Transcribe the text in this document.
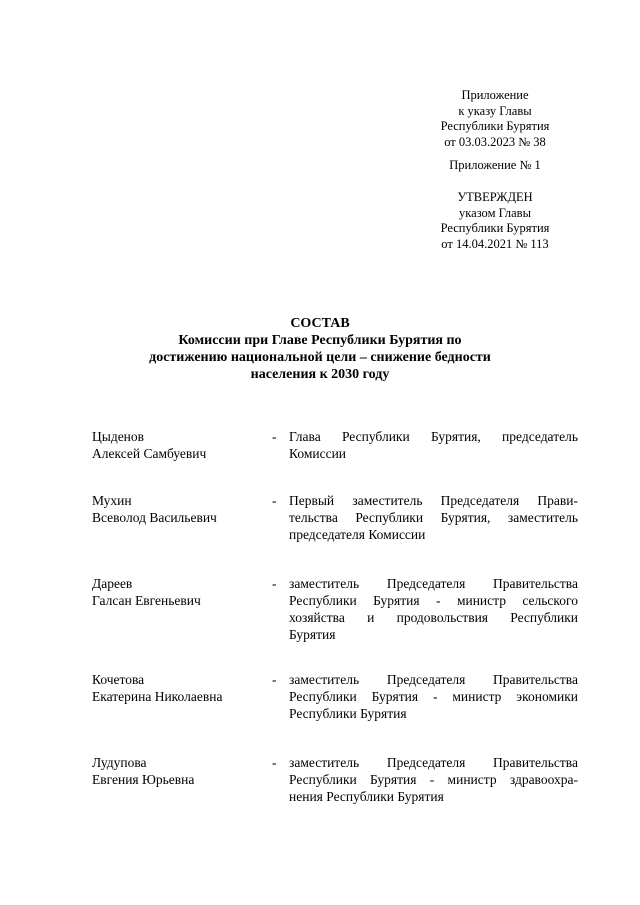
Приложение
к указу Главы
Республики Бурятия
от 03.03.2023 № 38
Приложение № 1
УТВЕРЖДЕН
указом Главы
Республики Бурятия
от 14.04.2021 № 113
СОСТАВ
Комиссии при Главе Республики Бурятия по
достижению национальной цели – снижение бедности
населения к 2030 году
Цыденов
Алексей Самбуевич
- Глава Республики Бурятия, председатель
Комиссии
Мухин
Всеволод Васильевич
- Первый заместитель Председателя Прави-
тельства Республики Бурятия, заместитель
председателя Комиссии
Дареев
Галсан Евгеньевич
- заместитель Председателя Правительства
Республики Бурятия - министр сельского
хозяйства и продовольствия Республики
Бурятия
Кочетова
Екатерина Николаевна
- заместитель Председателя Правительства
Республики Бурятия - министр экономики
Республики Бурятия
Лудупова
Евгения Юрьевна
- заместитель Председателя Правительства
Республики Бурятия - министр здравоохра-
нения Республики Бурятия
